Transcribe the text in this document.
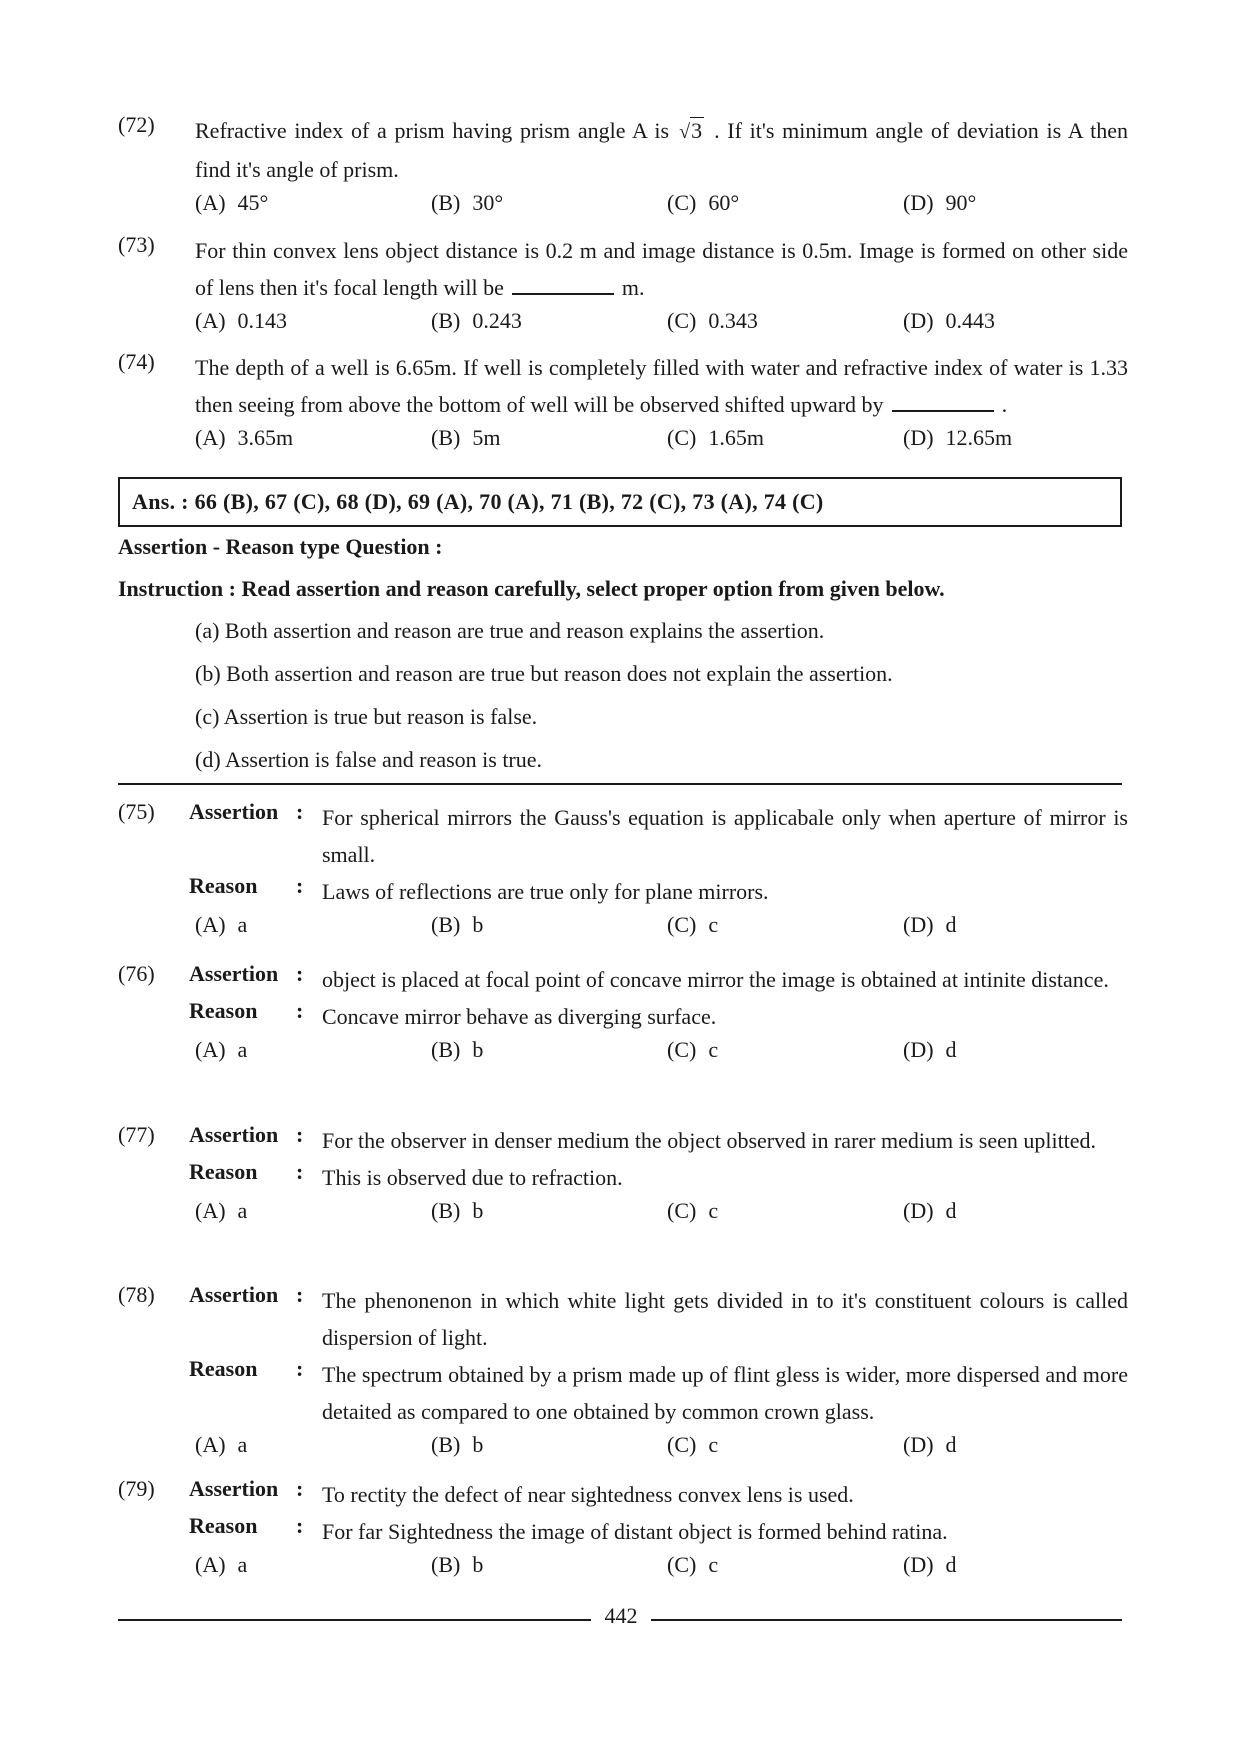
(72)	Refractive index of a prism having prism angle A is √3 . If it's minimum angle of deviation is A then find it's angle of prism.
(A) 45°	(B) 30°	(C) 60°	(D) 90°
(73)	For thin convex lens object distance is 0.2 m and image distance is 0.5m. Image is formed on other side of lens then it's focal length will be	m.
(A) 0.143	(B) 0.243	(C) 0.343	(D) 0.443
(74)	The depth of a well is 6.65m. If well is completely filled with water and refractive index of water is 1.33 then seeing from above the bottom of well will be observed shifted upward by	.
(A) 3.65m	(B) 5m	(C) 1.65m	(D) 12.65m
Ans. : 66 (B), 67 (C), 68 (D), 69 (A), 70 (A), 71 (B), 72 (C), 73 (A), 74 (C)
Assertion - Reason type Question :
Instruction : Read assertion and reason carefully, select proper option from given below.
(a) Both assertion and reason are true and reason explains the assertion.
(b) Both assertion and reason are true but reason does not explain the assertion.
(c) Assertion is true but reason is false.
(d) Assertion is false and reason is true.
(75) Assertion : For spherical mirrors the Gauss's equation is applicabale only when aperture of mirror is small.
Reason : Laws of reflections are true only for plane mirrors.
(A) a	(B) b	(C) c	(D) d
(76) Assertion : object is placed at focal point of concave mirror the image is obtained at intinite distance.
Reason : Concave mirror behave as diverging surface.
(A) a	(B) b	(C) c	(D) d
(77) Assertion : For the observer in denser medium the object observed in rarer medium is seen uplitted.
Reason : This is observed due to refraction.
(A) a	(B) b	(C) c	(D) d
(78) Assertion : The phenonenon in which white light gets divided in to it's constituent colours is called dispersion of light.
Reason : The spectrum obtained by a prism made up of flint gless is wider, more dispersed and more detaited as compared to one obtained by common crown glass.
(A) a	(B) b	(C) c	(D) d
(79) Assertion : To rectity the defect of near sightedness convex lens is used.
Reason : For far Sightedness the image of distant object is formed behind ratina.
(A) a	(B) b	(C) c	(D) d
442
